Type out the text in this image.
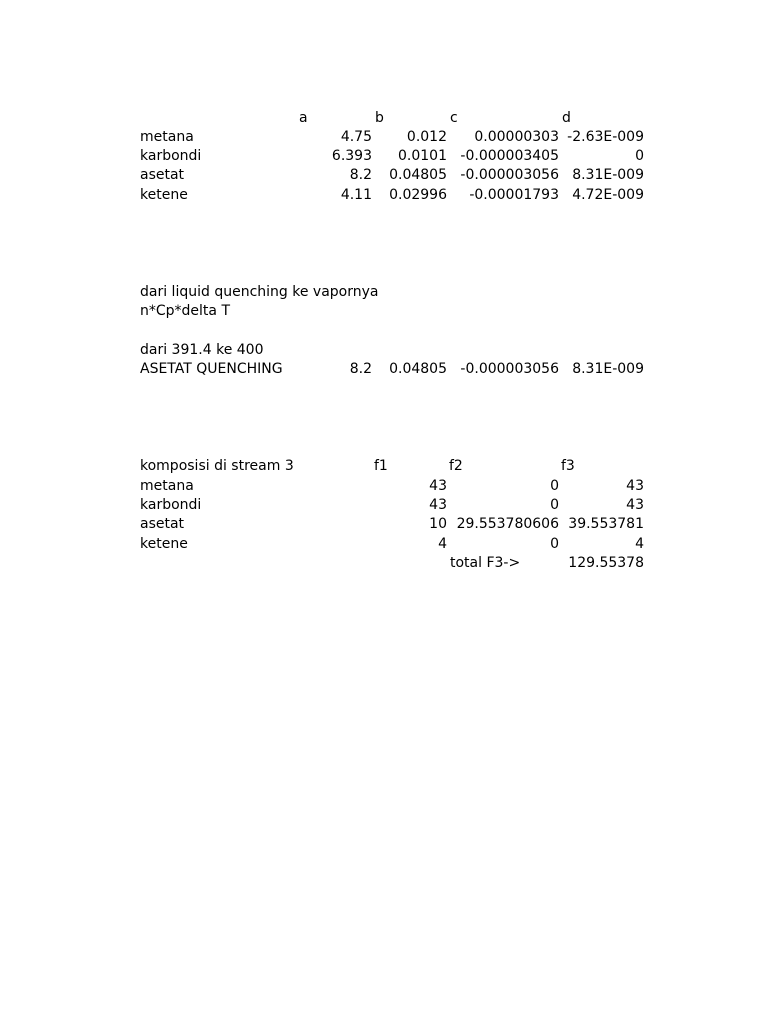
a	b	c	d
metana	4.75 0.012 0.00000303 -2.63E-009
karbondi	6.393 0.0101 -0.000003405	0
asetat	8.2 0.04805 -0.000003056 8.31E-009
ketene	4.11 0.02996 -0.00001793 4.72E-009
dari liquid quenching ke vapornya
n*Cp*delta T
dari 391.4 ke 400
ASETAT QUENCHING	8.2 0.04805 -0.000003056 8.31E-009
komposisi di stream 3	f1	f2	f3
metana	43	0	43
karbondi	43	0	43
asetat	10 29.553780606 39.553781
ketene	4	0	4
total F3->	129.55378
